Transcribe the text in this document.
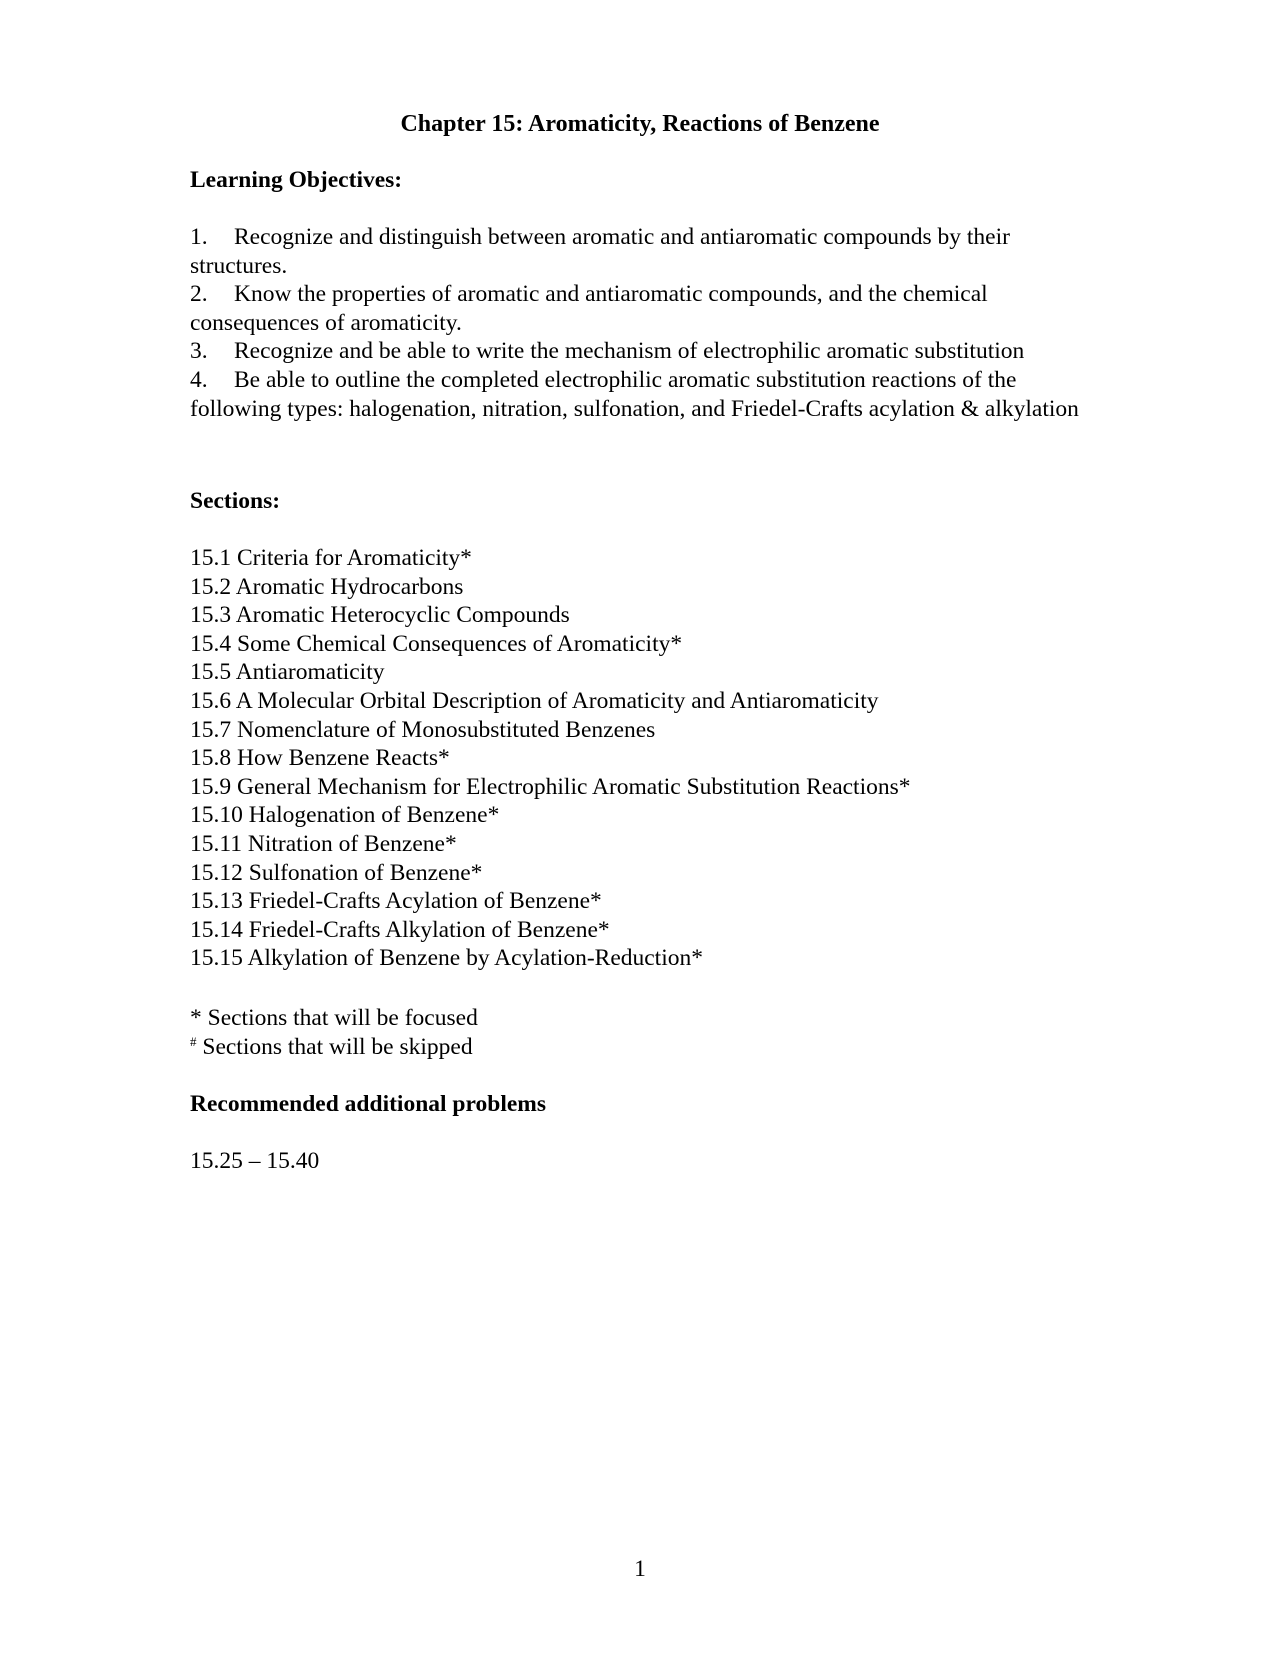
Chapter 15: Aromaticity, Reactions of Benzene
Learning Objectives:
1. Recognize and distinguish between aromatic and antiaromatic compounds by their structures.
2. Know the properties of aromatic and antiaromatic compounds, and the chemical consequences of aromaticity.
3. Recognize and be able to write the mechanism of electrophilic aromatic substitution
4. Be able to outline the completed electrophilic aromatic substitution reactions of the following types: halogenation, nitration, sulfonation, and Friedel-Crafts acylation & alkylation
Sections:
15.1 Criteria for Aromaticity*
15.2 Aromatic Hydrocarbons
15.3 Aromatic Heterocyclic Compounds
15.4 Some Chemical Consequences of Aromaticity*
15.5 Antiaromaticity
15.6 A Molecular Orbital Description of Aromaticity and Antiaromaticity
15.7 Nomenclature of Monosubstituted Benzenes
15.8 How Benzene Reacts*
15.9 General Mechanism for Electrophilic Aromatic Substitution Reactions*
15.10 Halogenation of Benzene*
15.11 Nitration of Benzene*
15.12 Sulfonation of Benzene*
15.13 Friedel-Crafts Acylation of Benzene*
15.14 Friedel-Crafts Alkylation of Benzene*
15.15 Alkylation of Benzene by Acylation-Reduction*
* Sections that will be focused
# Sections that will be skipped
Recommended additional problems
15.25 – 15.40
1
